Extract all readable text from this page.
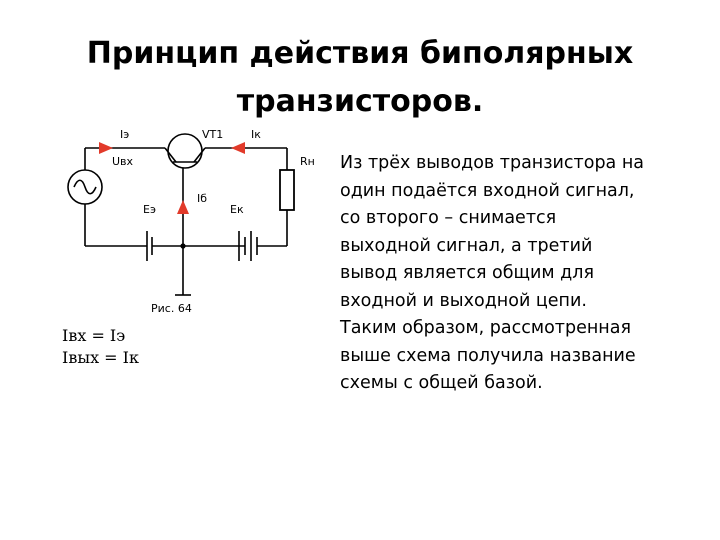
Принцип действия биполярных
транзисторов.
Iэ	VT1	Iк
Uвх	Rн
Iб
Eэ	Eк
Рис. 64
Iвх = Iэ
Iвых = Iк
Из трёх выводов транзистора на
один подаётся входной сигнал,
со второго – снимается
выходной сигнал, а третий
вывод является общим для
входной и выходной цепи.
Таким образом, рассмотренная
выше схема получила название
схемы с общей базой.
